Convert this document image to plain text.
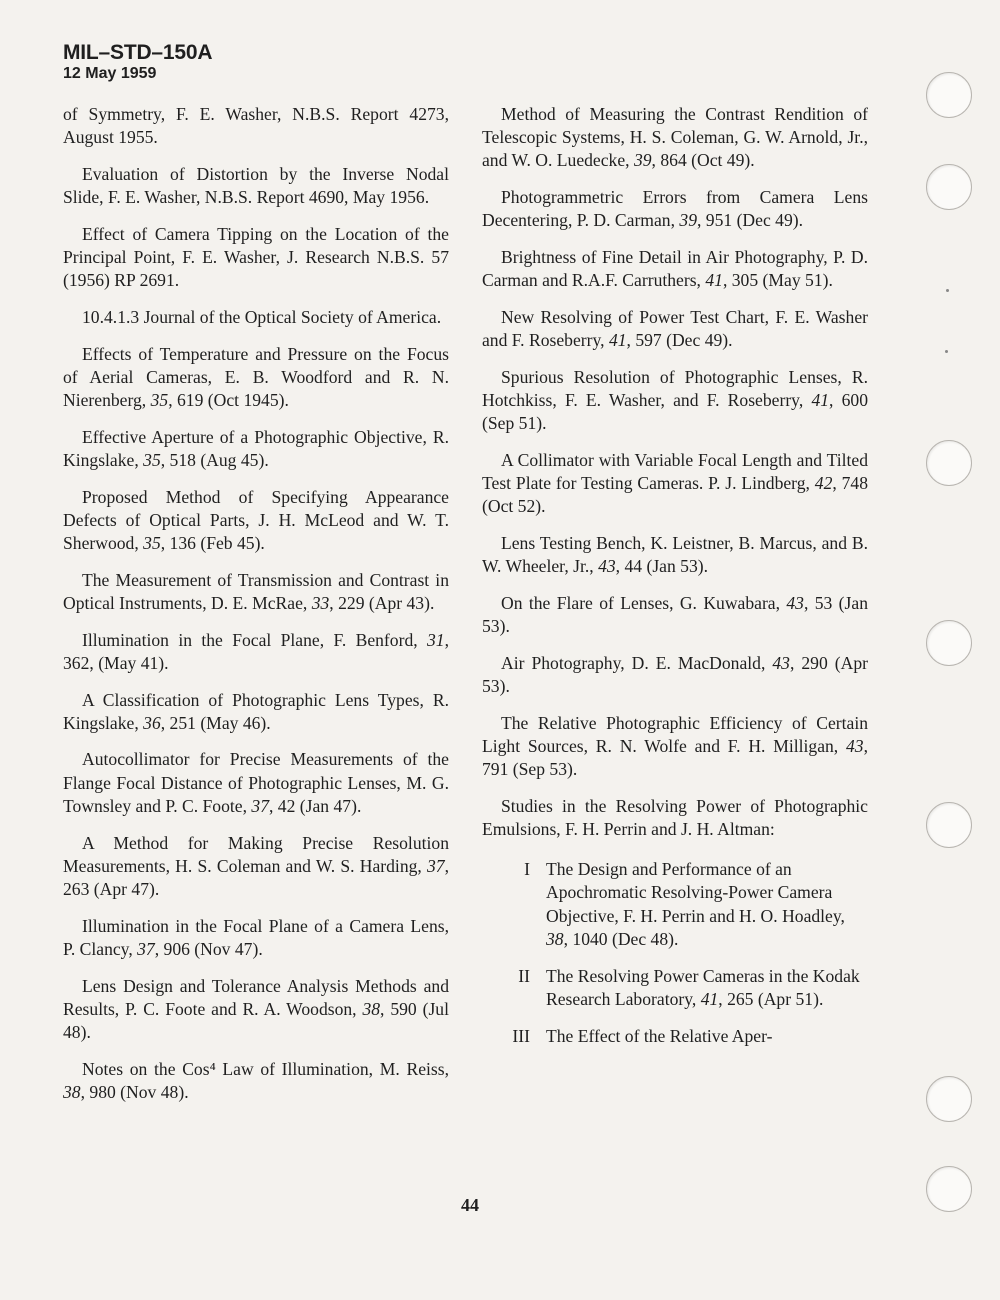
MIL–STD–150A
12 May 1959

of Symmetry, F. E. Washer, N.B.S. Report 4273, August 1955.

Evaluation of Distortion by the Inverse Nodal Slide, F. E. Washer, N.B.S. Report 4690, May 1956.

Effect of Camera Tipping on the Location of the Principal Point, F. E. Washer, J. Research N.B.S. 57 (1956) RP 2691.

10.4.1.3 Journal of the Optical Society of America.

Effects of Temperature and Pressure on the Focus of Aerial Cameras, E. B. Woodford and R. N. Nierenberg, 35, 619 (Oct 1945).

Effective Aperture of a Photographic Objective, R. Kingslake, 35, 518 (Aug 45).

Proposed Method of Specifying Appearance Defects of Optical Parts, J. H. McLeod and W. T. Sherwood, 35, 136 (Feb 45).

The Measurement of Transmission and Contrast in Optical Instruments, D. E. McRae, 33, 229 (Apr 43).

Illumination in the Focal Plane, F. Benford, 31, 362, (May 41).

A Classification of Photographic Lens Types, R. Kingslake, 36, 251 (May 46).

Autocollimator for Precise Measurements of the Flange Focal Distance of Photographic Lenses, M. G. Townsley and P. C. Foote, 37, 42 (Jan 47).

A Method for Making Precise Resolution Measurements, H. S. Coleman and W. S. Harding, 37, 263 (Apr 47).

Illumination in the Focal Plane of a Camera Lens, P. Clancy, 37, 906 (Nov 47).

Lens Design and Tolerance Analysis Methods and Results, P. C. Foote and R. A. Woodson, 38, 590 (Jul 48).

Notes on the Cos⁴ Law of Illumination, M. Reiss, 38, 980 (Nov 48).

Method of Measuring the Contrast Rendition of Telescopic Systems, H. S. Coleman, G. W. Arnold, Jr., and W. O. Luedecke, 39, 864 (Oct 49).

Photogrammetric Errors from Camera Lens Decentering, P. D. Carman, 39, 951 (Dec 49).

Brightness of Fine Detail in Air Photography, P. D. Carman and R.A.F. Carruthers, 41, 305 (May 51).

New Resolving of Power Test Chart, F. E. Washer and F. Roseberry, 41, 597 (Dec 49).

Spurious Resolution of Photographic Lenses, R. Hotchkiss, F. E. Washer, and F. Roseberry, 41, 600 (Sep 51).

A Collimator with Variable Focal Length and Tilted Test Plate for Testing Cameras. P. J. Lindberg, 42, 748 (Oct 52).

Lens Testing Bench, K. Leistner, B. Marcus, and B. W. Wheeler, Jr., 43, 44 (Jan 53).

On the Flare of Lenses, G. Kuwabara, 43, 53 (Jan 53).

Air Photography, D. E. MacDonald, 43, 290 (Apr 53).

The Relative Photographic Efficiency of Certain Light Sources, R. N. Wolfe and F. H. Milligan, 43, 791 (Sep 53).

Studies in the Resolving Power of Photographic Emulsions, F. H. Perrin and J. H. Altman:

I The Design and Performance of an Apochromatic Resolving-Power Camera Objective, F. H. Perrin and H. O. Hoadley, 38, 1040 (Dec 48).
II The Resolving Power Cameras in the Kodak Research Laboratory, 41, 265 (Apr 51).
III The Effect of the Relative Aper-
44
